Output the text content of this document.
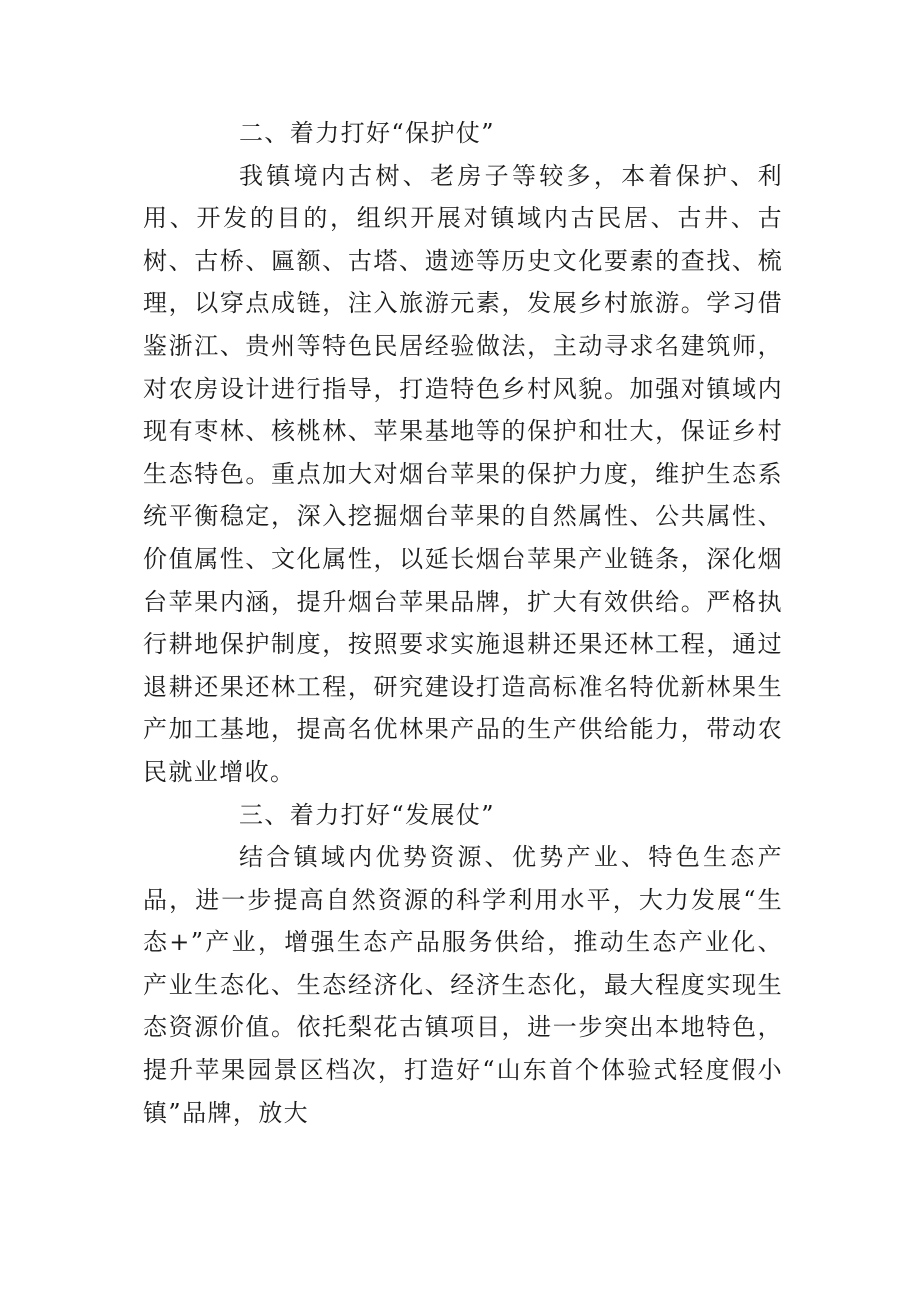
二、着力打好“保护仗”

我镇境内古树、老房子等较多，本着保护、利用、开发的目的，组织开展对镇域内古民居、古井、古树、古桥、匾额、古塔、遗迹等历史文化要素的查找、梳理，以穿点成链，注入旅游元素，发展乡村旅游。学习借鉴浙江、贵州等特色民居经验做法，主动寻求名建筑师，对农房设计进行指导，打造特色乡村风貌。加强对镇域内现有枣林、核桃林、苹果基地等的保护和壮大，保证乡村生态特色。重点加大对烟台苹果的保护力度，维护生态系统平衡稳定，深入挖掘烟台苹果的自然属性、公共属性、价值属性、文化属性，以延长烟台苹果产业链条，深化烟台苹果内涵，提升烟台苹果品牌，扩大有效供给。严格执行耕地保护制度，按照要求实施退耕还果还林工程，通过退耕还果还林工程，研究建设打造高标准名特优新林果生产加工基地，提高名优林果产品的生产供给能力，带动农民就业增收。

三、着力打好“发展仗”

结合镇域内优势资源、优势产业、特色生态产品，进一步提高自然资源的科学利用水平，大力发展“生态+”产业，增强生态产品服务供给，推动生态产业化、产业生态化、生态经济化、经济生态化，最大程度实现生态资源价值。依托梨花古镇项目，进一步突出本地特色，提升苹果园景区档次，打造好“山东首个体验式轻度假小镇”品牌，放大
